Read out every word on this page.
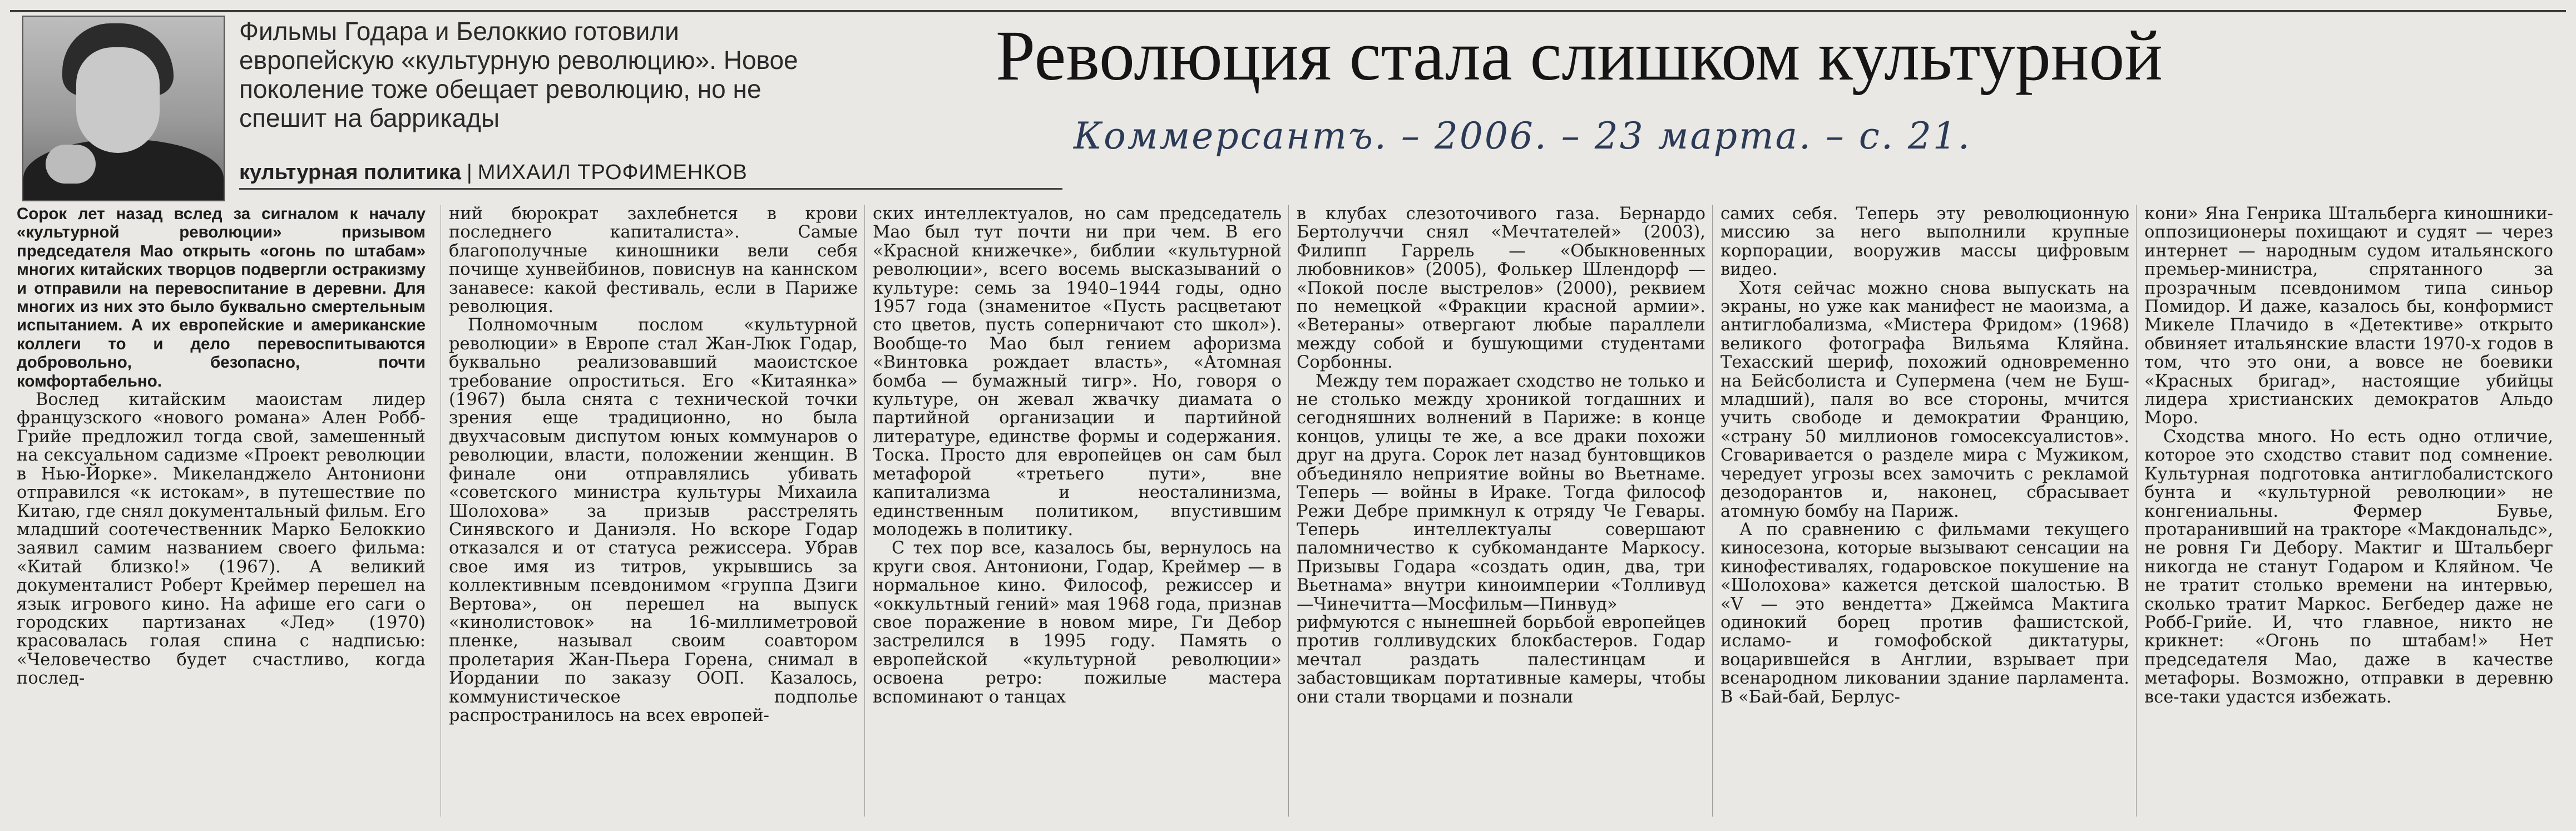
Фильмы Годара и Белоккио готовили европейскую «культурную революцию». Новое поколение тоже обещает революцию, но не спешит на баррикады
Революция стала слишком культурной
Коммерсантъ. – 2006. – 23 марта. – с. 21.
культурная политика | МИХАИЛ ТРОФИМЕНКОВ

Сорок лет назад вслед за сигналом к началу «культурной революции» призывом председателя Мао открыть «огонь по штабам» многих китайских творцов подвергли остракизму и отправили на перевоспитание в деревни. Для многих из них это было буквально смертельным испытанием. А их европейские и американские коллеги то и дело перевоспитываются добровольно, безопасно, почти комфортабельно.

Вослед китайским маоистам лидер французского «нового романа» Ален Робб-Грийе предложил тогда свой, замешенный на сексуальном садизме «Проект революции в Нью-Йорке». Микеланджело Антониони отправился «к истокам», в путешествие по Китаю, где снял документальный фильм. Его младший соотечественник Марко Белоккио заявил самим названием своего фильма: «Китай близко!» (1967). А великий документалист Роберт Креймер перешел на язык игрового кино. На афише его саги о городских партизанах «Лед» (1970) красовалась голая спина с надписью: «Человечество будет счастливо, когда послед-

ний бюрократ захлебнется в крови последнего капиталиста». Самые благополучные киношники вели себя почище хунвейбинов, повиснув на каннском занавесе: какой фестиваль, если в Париже революция.

Полномочным послом «культурной революции» в Европе стал Жан-Люк Годар, буквально реализовавший маоистское требование опроститься. Его «Китаянка» (1967) была снята с технической точки зрения еще традиционно, но была двухчасовым диспутом юных коммунаров о революции, власти, положении женщин. В финале они отправлялись убивать «советского министра культуры Михаила Шолохова» за призыв расстрелять Синявского и Даниэля. Но вскоре Годар отказался и от статуса режиссера. Убрав свое имя из титров, укрывшись за коллективным псевдонимом «группа Дзиги Вертова», он перешел на выпуск «кинолистовок» на 16-миллиметровой пленке, называл своим соавтором пролетария Жан-Пьера Горена, снимал в Иордании по заказу ООП. Казалось, коммунистическое подполье распространилось на всех европей-

ских интеллектуалов, но сам председатель Мао был тут почти ни при чем. В его «Красной книжечке», библии «культурной революции», всего восемь высказываний о культуре: семь за 1940–1944 годы, одно 1957 года (знаменитое «Пусть расцветают сто цветов, пусть соперничают сто школ»). Вообще-то Мао был гением афоризма «Винтовка рождает власть», «Атомная бомба — бумажный тигр». Но, говоря о культуре, он жевал жвачку диамата о партийной организации и партийной литературе, единстве формы и содержания. Тоска. Просто для европейцев он сам был метафорой «третьего пути», вне капитализма и неосталинизма, единственным политиком, впустившим молодежь в политику.

С тех пор все, казалось бы, вернулось на круги своя. Антониони, Годар, Креймер — в нормальное кино. Философ, режиссер и «оккультный гений» мая 1968 года, признав свое поражение в новом мире, Ги Дебор застрелился в 1995 году. Память о европейской «культурной революции» освоена ретро: пожилые мастера вспоминают о танцах

в клубах слезоточивого газа. Бернардо Бертолуччи снял «Мечтателей» (2003), Филипп Гаррель — «Обыкновенных любовников» (2005), Фолькер Шлендорф — «Покой после выстрелов» (2000), реквием по немецкой «Фракции красной армии». «Ветераны» отвергают любые параллели между собой и бушующими студентами Сорбонны.

Между тем поражает сходство не только и не столько между хроникой тогдашних и сегодняшних волнений в Париже: в конце концов, улицы те же, а все драки похожи друг на друга. Сорок лет назад бунтовщиков объединяло неприятие войны во Вьетнаме. Теперь — войны в Ираке. Тогда философ Режи Дебре примкнул к отряду Че Гевары. Теперь интеллектуалы совершают паломничество к субкоманданте Маркосу. Призывы Годара «создать один, два, три Вьетнама» внутри киноимперии «Толливуд—Чинечитта—Мосфильм—Пинвуд» рифмуются с нынешней борьбой европейцев против голливудских блокбастеров. Годар мечтал раздать палестинцам и забастовщикам портативные камеры, чтобы они стали творцами и познали

самих себя. Теперь эту революционную миссию за него выполнили крупные корпорации, вооружив массы цифровым видео.

Хотя сейчас можно снова выпускать на экраны, но уже как манифест не маоизма, а антиглобализма, «Мистера Фридом» (1968) великого фотографа Вильяма Кляйна. Техасский шериф, похожий одновременно на Бейсболиста и Супермена (чем не Буш-младший), паля во все стороны, мчится учить свободе и демократии Францию, «страну 50 миллионов гомосексуалистов». Сговаривается о разделе мира с Мужиком, чередует угрозы всех замочить с рекламой дезодорантов и, наконец, сбрасывает атомную бомбу на Париж.

А по сравнению с фильмами текущего киносезона, которые вызывают сенсации на кинофестивалях, годаровское покушение на «Шолохова» кажется детской шалостью. В «V — это вендетта» Джеймса Мактига одинокий борец против фашистской, исламо- и гомофобской диктатуры, воцарившейся в Англии, взрывает при всенародном ликовании здание парламента. В «Бай-бай, Берлус-

кони» Яна Генрика Штальберга киношники-оппозиционеры похищают и судят — через интернет — народным судом итальянского премьер-министра, спрятанного за прозрачным псевдонимом типа синьор Помидор. И даже, казалось бы, конформист Микеле Плачидо в «Детективе» открыто обвиняет итальянские власти 1970-х годов в том, что это они, а вовсе не боевики «Красных бригад», настоящие убийцы лидера христианских демократов Альдо Моро.

Сходства много. Но есть одно отличие, которое это сходство ставит под сомнение. Культурная подготовка антиглобалистского бунта и «культурной революции» не конгениальны. Фермер Бувье, протаранивший на тракторе «Макдональдс», не ровня Ги Дебору. Мактиг и Штальберг никогда не станут Годаром и Кляйном. Че не тратит столько времени на интервью, сколько тратит Маркос. Бегбедер даже не Робб-Грийе. И, что главное, никто не крикнет: «Огонь по штабам!» Нет председателя Мао, даже в качестве метафоры. Возможно, отправки в деревню все-таки удастся избежать.
